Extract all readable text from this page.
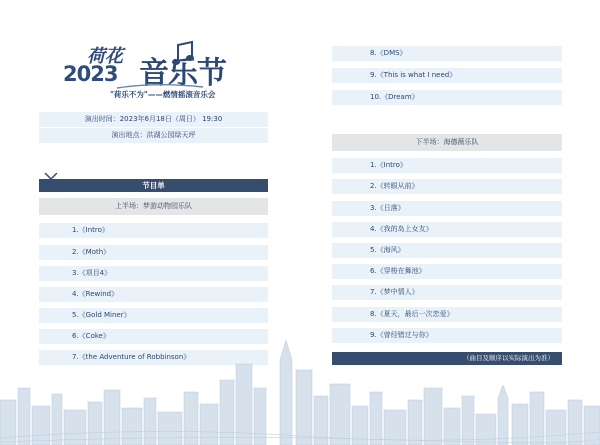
荷花
2023 音乐节
"荷乐不为"——燃情摇滚音乐会
演出时间：2023年6月18日（周日） 19:30
演出地点：洪湖公园绿天坪
节目单
上半场：梦游动物园乐队
1.《Intro》
2.《Moth》
3.《项目4》
4.《Rewind》
5.《Gold Miner》
6.《Coke》
7.《the Adventure of Robbinson》
8.《DMS》
9.《This is what I need》
10.《Dream》
下半场：海德薇乐队
1.《Intro》
2.《转眼从前》
3.《日落》
4.《我的岛上女友》
5.《海风》
6.《穿梭在舞池》
7.《梦中情人》
8.《夏天，最后一次恋爱》
9.《曾经错过与你》
（曲目及顺序以实际演出为准）
